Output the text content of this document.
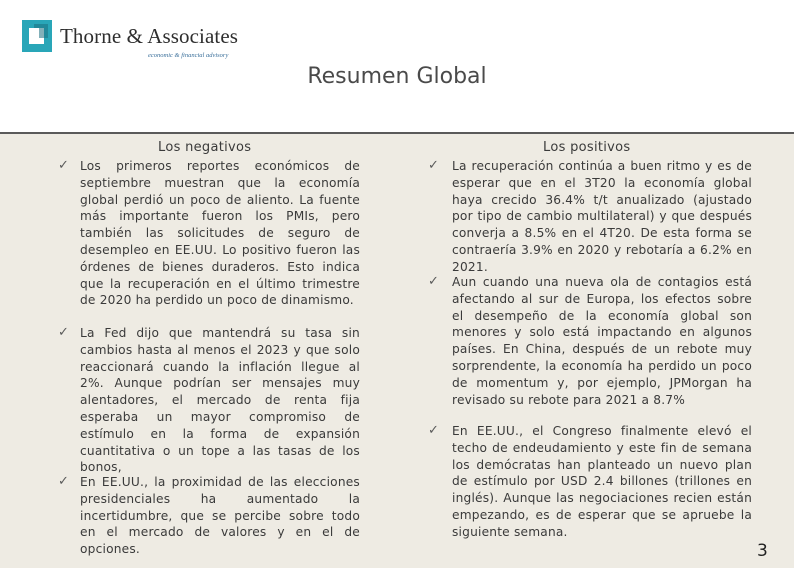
Thorne & Associates
economic & financial advisory
Resumen Global
Los negativos
✓ Los primeros reportes económicos de septiembre muestran que la economía global perdió un poco de aliento. La fuente más importante fueron los PMIs, pero también las solicitudes de seguro de desempleo en EE.UU. Lo positivo fueron las órdenes de bienes duraderos. Esto indica que la recuperación en el último trimestre de 2020 ha perdido un poco de dinamismo.
✓ La Fed dijo que mantendrá su tasa sin cambios hasta al menos el 2023 y que solo reaccionará cuando la inflación llegue al 2%. Aunque podrían ser mensajes muy alentadores, el mercado de renta fija esperaba un mayor compromiso de estímulo en la forma de expansión cuantitativa o un tope a las tasas de los bonos,
✓ En EE.UU., la proximidad de las elecciones presidenciales ha aumentado la incertidumbre, que se percibe sobre todo en el mercado de valores y en el de opciones.
Los positivos
✓ La recuperación continúa a buen ritmo y es de esperar que en el 3T20 la economía global haya crecido 36.4% t/t anualizado (ajustado por tipo de cambio multilateral) y que después converja a 8.5% en el 4T20. De esta forma se contraería 3.9% en 2020 y rebotaría a 6.2% en 2021.
✓ Aun cuando una nueva ola de contagios está afectando al sur de Europa, los efectos sobre el desempeño de la economía global son menores y solo está impactando en algunos países. En China, después de un rebote muy sorprendente, la economía ha perdido un poco de momentum y, por ejemplo, JPMorgan ha revisado su rebote para 2021 a 8.7%
✓ En EE.UU., el Congreso finalmente elevó el techo de endeudamiento y este fin de semana los demócratas han planteado un nuevo plan de estímulo por USD 2.4 billones (trillones en inglés). Aunque las negociaciones recien están empezando, es de esperar que se apruebe la siguiente semana.
3
